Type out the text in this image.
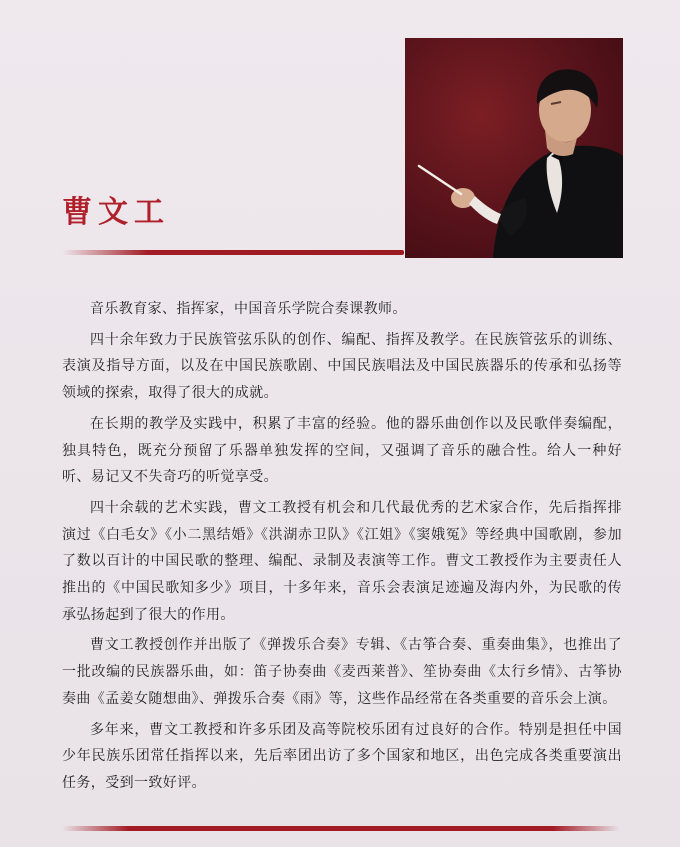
曹文工

音乐教育家、指挥家，中国音乐学院合奏课教师。

四十余年致力于民族管弦乐队的创作、编配、指挥及教学。在民族管弦乐的训练、表演及指导方面，以及在中国民族歌剧、中国民族唱法及中国民族器乐的传承和弘扬等领域的探索，取得了很大的成就。

在长期的教学及实践中，积累了丰富的经验。他的器乐曲创作以及民歌伴奏编配，独具特色，既充分预留了乐器单独发挥的空间，又强调了音乐的融合性。给人一种好听、易记又不失奇巧的听觉享受。

四十余载的艺术实践，曹文工教授有机会和几代最优秀的艺术家合作，先后指挥排演过《白毛女》《小二黑结婚》《洪湖赤卫队》《江姐》《窦娥冤》等经典中国歌剧，参加了数以百计的中国民歌的整理、编配、录制及表演等工作。曹文工教授作为主要责任人推出的《中国民歌知多少》项目，十多年来，音乐会表演足迹遍及海内外，为民歌的传承弘扬起到了很大的作用。

曹文工教授创作并出版了《弹拨乐合奏》专辑、《古筝合奏、重奏曲集》，也推出了一批改编的民族器乐曲，如：笛子协奏曲《麦西莱普》、笙协奏曲《太行乡情》、古筝协奏曲《孟姜女随想曲》、弹拨乐合奏《雨》等，这些作品经常在各类重要的音乐会上演。

多年来，曹文工教授和许多乐团及高等院校乐团有过良好的合作。特别是担任中国少年民族乐团常任指挥以来，先后率团出访了多个国家和地区，出色完成各类重要演出任务，受到一致好评。
